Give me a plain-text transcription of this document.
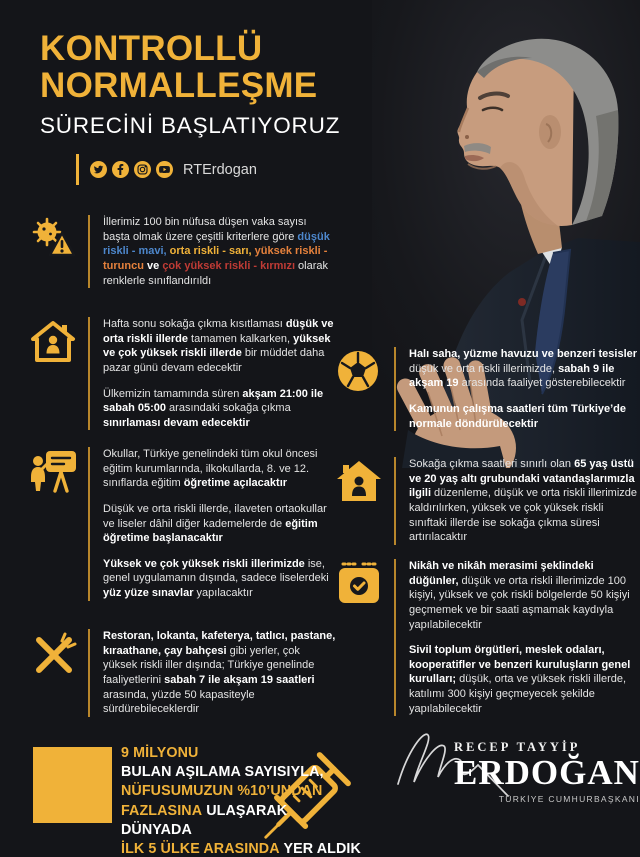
KONTROLLÜ
NORMALLEŞME
SÜRECİNİ BAŞLATIYORUZ
RTErdogan

İllerimiz 100 bin nüfusa düşen vaka sayısı başta olmak üzere çeşitli kriterlere göre düşük riskli - mavi, orta riskli - sarı, yüksek riskli - turuncu ve çok yüksek riskli - kırmızı olarak renklerle sınıflandırıldı

Hafta sonu sokağa çıkma kısıtlaması düşük ve orta riskli illerde tamamen kalkarken, yüksek ve çok yüksek riskli illerde bir müddet daha pazar günü devam edecektir

Ülkemizin tamamında süren akşam 21:00 ile sabah 05:00 arasındaki sokağa çıkma sınırlaması devam edecektir

Okullar, Türkiye genelindeki tüm okul öncesi eğitim kurumlarında, ilkokullarda, 8. ve 12. sınıflarda eğitim öğretime açılacaktır

Düşük ve orta riskli illerde, ilaveten ortaokullar ve liseler dâhil diğer kademelerde de eğitim öğretime başlanacaktır

Yüksek ve çok yüksek riskli illerimizde ise, genel uygulamanın dışında, sadece liselerdeki yüz yüze sınavlar yapılacaktır

Restoran, lokanta, kafeterya, tatlıcı, pastane, kıraathane, çay bahçesi gibi yerler, çok yüksek riskli iller dışında; Türkiye genelinde faaliyetlerini sabah 7 ile akşam 19 saatleri arasında, yüzde 50 kapasiteyle sürdürebileceklerdir

Halı saha, yüzme havuzu ve benzeri tesisler düşük ve orta riskli illerimizde, sabah 9 ile akşam 19 arasında faaliyet gösterebilecektir

Kamunun çalışma saatleri tüm Türkiye’de normale döndürülecektir

Sokağa çıkma saatleri sınırlı olan 65 yaş üstü ve 20 yaş altı grubundaki vatandaşlarımızla ilgili düzenleme, düşük ve orta riskli illerimizde kaldırılırken, yüksek ve çok yüksek riskli sınıftaki illerde ise sokağa çıkma süresi artırılacaktır

Nikâh ve nikâh merasimi şeklindeki düğünler, düşük ve orta riskli illerimizde 100 kişiyi, yüksek ve çok riskli bölgelerde 50 kişiyi geçmemek ve bir saati aşmamak kaydıyla yapılabilecektir

Sivil toplum örgütleri, meslek odaları, kooperatifler ve benzeri kuruluşların genel kurulları; düşük, orta ve yüksek riskli illerde, katılımı 300 kişiyi geçmeyecek şekilde yapılabilecektir

9 MİLYONU
BULAN AŞILAMA SAYISIYLA,
NÜFUSUMUZUN %10’UNDAN
FAZLASINA ULAŞARAK DÜNYADA
İLK 5 ÜLKE ARASINDA YER ALDIK
RECEP TAYYİP
ERDOĞAN
TÜRKİYE CUMHURBAŞKANI
